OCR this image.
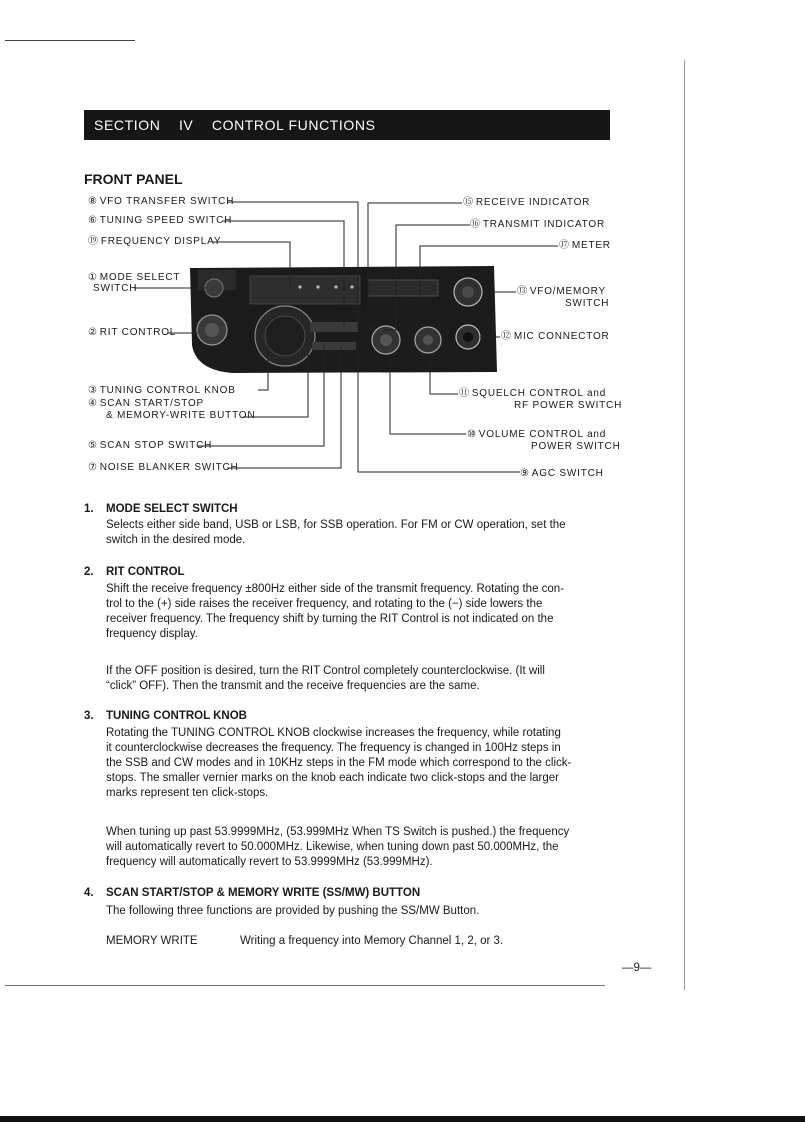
SECTION IV CONTROL FUNCTIONS
FRONT PANEL
⑧ VFO TRANSFER SWITCH
⑥ TUNING SPEED SWITCH
⑲ FREQUENCY DISPLAY
① MODE SELECT
SWITCH
② RIT CONTROL
③ TUNING CONTROL KNOB
④ SCAN START/STOP
& MEMORY-WRITE BUTTON
⑤ SCAN STOP SWITCH
⑦ NOISE BLANKER SWITCH
⑮ RECEIVE INDICATOR
⑯ TRANSMIT INDICATOR
⑰ METER
⑬ VFO/MEMORY
SWITCH
⑫ MIC CONNECTOR
⑪ SQUELCH CONTROL and
RF POWER SWITCH
⑩ VOLUME CONTROL and
POWER SWITCH
⑨ AGC SWITCH
1. MODE SELECT SWITCH
Selects either side band, USB or LSB, for SSB operation. For FM or CW operation, set the
switch in the desired mode.
2. RIT CONTROL
Shift the receive frequency ±800Hz either side of the transmit frequency. Rotating the con-
trol to the (+) side raises the receiver frequency, and rotating to the (−) side lowers the
receiver frequency. The frequency shift by turning the RIT Control is not indicated on the
frequency display.
If the OFF position is desired, turn the RIT Control completely counterclockwise. (It will
“click” OFF). Then the transmit and the receive frequencies are the same.
3. TUNING CONTROL KNOB
Rotating the TUNING CONTROL KNOB clockwise increases the frequency, while rotating
it counterclockwise decreases the frequency. The frequency is changed in 100Hz steps in
the SSB and CW modes and in 10KHz steps in the FM mode which correspond to the click-
stops. The smaller vernier marks on the knob each indicate two click-stops and the larger
marks represent ten click-stops.
When tuning up past 53.9999MHz, (53.999MHz When TS Switch is pushed.) the frequency
will automatically revert to 50.000MHz. Likewise, when tuning down past 50.000MHz, the
frequency will automatically revert to 53.9999MHz (53.999MHz).
4. SCAN START/STOP & MEMORY WRITE (SS/MW) BUTTON
The following three functions are provided by pushing the SS/MW Button.
MEMORY WRITE	Writing a frequency into Memory Channel 1, 2, or 3.
—9—
